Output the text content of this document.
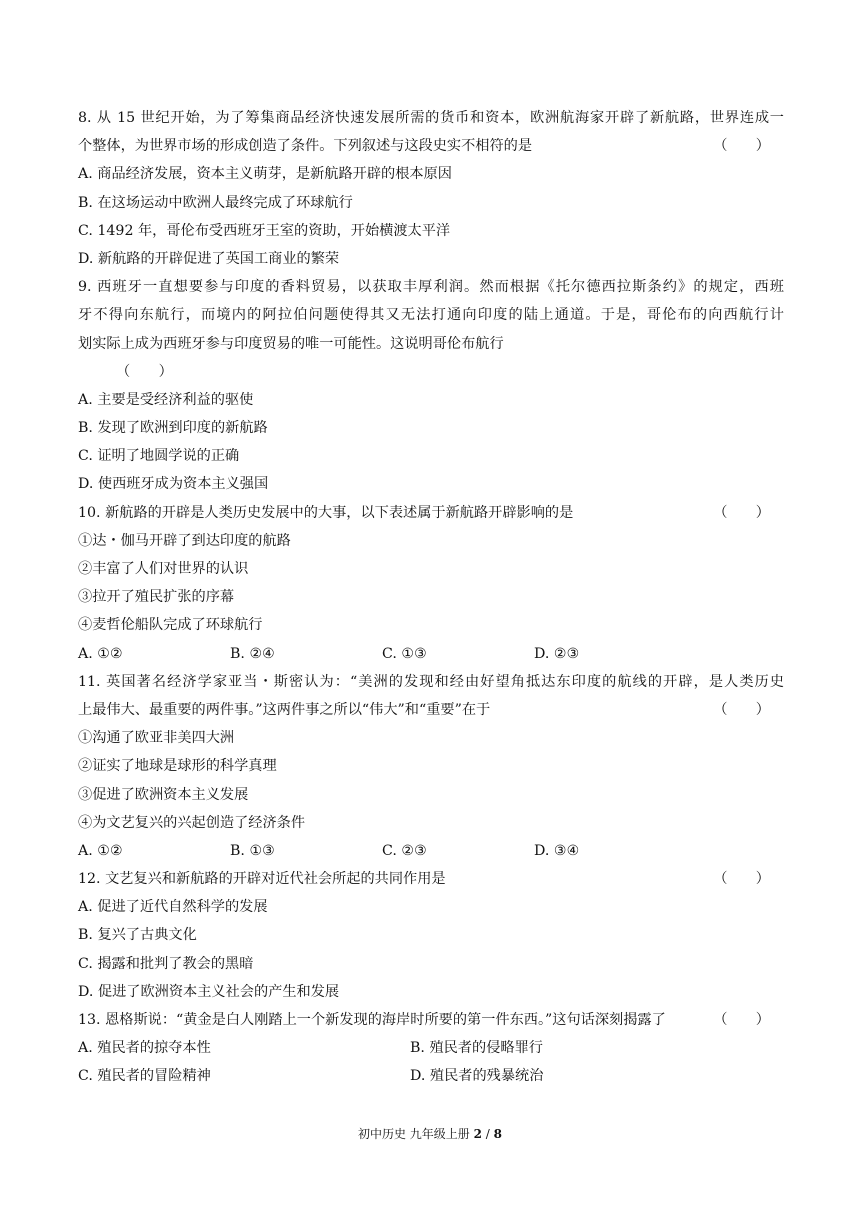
8. 从 15 世纪开始，为了筹集商品经济快速发展所需的货币和资本，欧洲航海家开辟了新航路，世界连成一
个整体，为世界市场的形成创造了条件。下列叙述与这段史实不相符的是	（　　）
A. 商品经济发展，资本主义萌芽，是新航路开辟的根本原因
B. 在这场运动中欧洲人最终完成了环球航行
C. 1492 年，哥伦布受西班牙王室的资助，开始横渡太平洋
D. 新航路的开辟促进了英国工商业的繁荣
9. 西班牙一直想要参与印度的香料贸易，以获取丰厚利润。然而根据《托尔德西拉斯条约》的规定，西班
牙不得向东航行，而境内的阿拉伯问题使得其又无法打通向印度的陆上通道。于是，哥伦布的向西航行计
划实际上成为西班牙参与印度贸易的唯一可能性。这说明哥伦布航行
（　　）
A. 主要是受经济利益的驱使
B. 发现了欧洲到印度的新航路
C. 证明了地圆学说的正确
D. 使西班牙成为资本主义强国
10. 新航路的开辟是人类历史发展中的大事，以下表述属于新航路开辟影响的是	（　　）
①达・伽马开辟了到达印度的航路
②丰富了人们对世界的认识
③拉开了殖民扩张的序幕
④麦哲伦船队完成了环球航行
A. ①②	B. ②④	C. ①③	D. ②③
11. 英国著名经济学家亚当・斯密认为：“美洲的发现和经由好望角抵达东印度的航线的开辟，是人类历史
上最伟大、最重要的两件事。”这两件事之所以“伟大”和“重要”在于	（　　）
①沟通了欧亚非美四大洲
②证实了地球是球形的科学真理
③促进了欧洲资本主义发展
④为文艺复兴的兴起创造了经济条件
A. ①②	B. ①③	C. ②③	D. ③④
12. 文艺复兴和新航路的开辟对近代社会所起的共同作用是	（　　）
A. 促进了近代自然科学的发展
B. 复兴了古典文化
C. 揭露和批判了教会的黑暗
D. 促进了欧洲资本主义社会的产生和发展
13. 恩格斯说：“黄金是白人刚踏上一个新发现的海岸时所要的第一件东西。”这句话深刻揭露了	（　　）
A. 殖民者的掠夺本性	B. 殖民者的侵略罪行
C. 殖民者的冒险精神	D. 殖民者的残暴统治
初中历史 九年级上册 2 / 8
